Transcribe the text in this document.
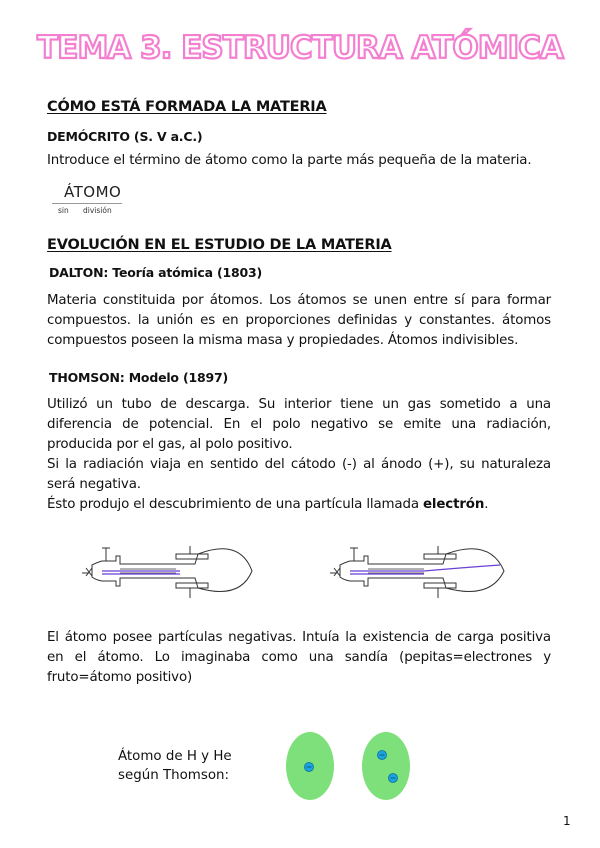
TEMA 3. ESTRUCTURA ATÓMICA
CÓMO ESTÁ FORMADA LA MATERIA
DEMÓCRITO (S. V a.C.)

Introduce el término de átomo como la parte más pequeña de la materia.

ÁTOMO
sin división
EVOLUCIÓN EN EL ESTUDIO DE LA MATERIA
DALTON: Teoría atómica (1803)

Materia constituida por átomos. Los átomos se unen entre sí para formar compuestos. la unión es en proporciones definidas y constantes. átomos compuestos poseen la misma masa y propiedades. Átomos indivisibles.

THOMSON: Modelo (1897)

Utilizó un tubo de descarga. Su interior tiene un gas sometido a una diferencia de potencial. En el polo negativo se emite una radiación, producida por el gas, al polo positivo.

Si la radiación viaja en sentido del cátodo (-) al ánodo (+), su naturaleza será negativa.

Ésto produjo el descubrimiento de una partícula llamada electrón.

El átomo posee partículas negativas. Intuía la existencia de carga positiva en el átomo. Lo imaginaba como una sandía (pepitas=electrones y fruto=átomo positivo)

Átomo de H y He
según Thomson:
1
